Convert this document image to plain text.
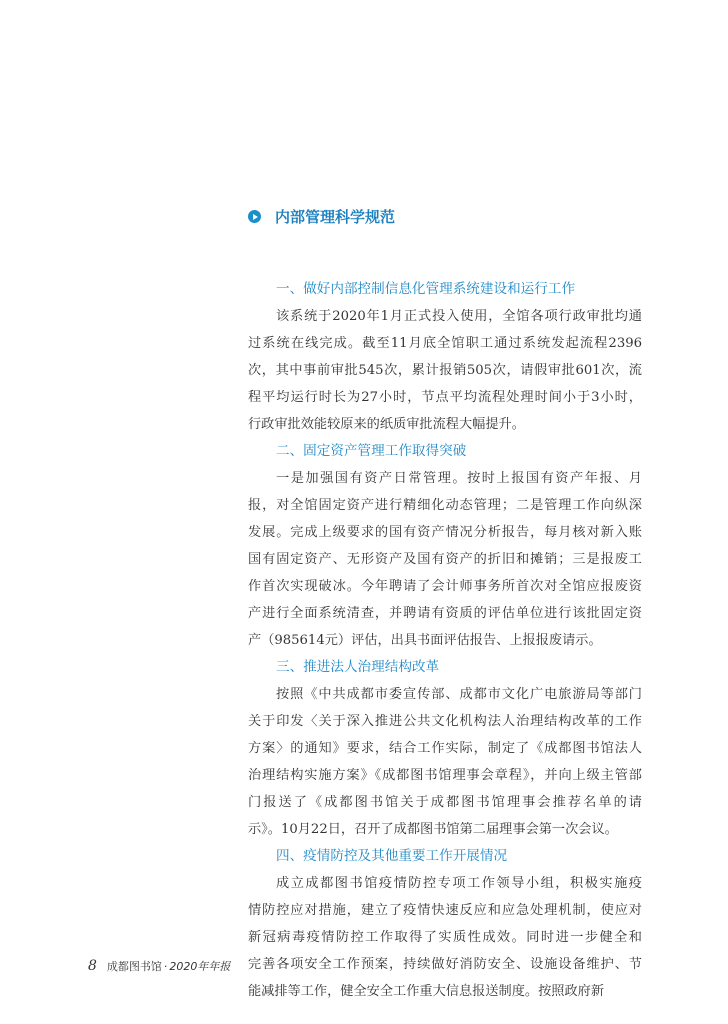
内部管理科学规范
一、做好内部控制信息化管理系统建设和运行工作
该系统于2020年1月正式投入使用，全馆各项行政审批均通
过系统在线完成。截至11月底全馆职工通过系统发起流程2396
次，其中事前审批545次，累计报销505次，请假审批601次，流
程平均运行时长为27小时，节点平均流程处理时间小于3小时，
行政审批效能较原来的纸质审批流程大幅提升。
二、固定资产管理工作取得突破
一是加强国有资产日常管理。按时上报国有资产年报、月
报，对全馆固定资产进行精细化动态管理；二是管理工作向纵深
发展。完成上级要求的国有资产情况分析报告，每月核对新入账
国有固定资产、无形资产及国有资产的折旧和摊销；三是报废工
作首次实现破冰。今年聘请了会计师事务所首次对全馆应报废资
产进行全面系统清查，并聘请有资质的评估单位进行该批固定资
产（985614元）评估，出具书面评估报告、上报报废请示。
三、推进法人治理结构改革
按照《中共成都市委宣传部、成都市文化广电旅游局等部门
关于印发〈关于深入推进公共文化机构法人治理结构改革的工作
方案〉的通知》要求，结合工作实际，制定了《成都图书馆法人
治理结构实施方案》《成都图书馆理事会章程》，并向上级主管部
门报送了《成都图书馆关于成都图书馆理事会推荐名单的请
示》。10月22日，召开了成都图书馆第二届理事会第一次会议。
四、疫情防控及其他重要工作开展情况
成立成都图书馆疫情防控专项工作领导小组，积极实施疫
情防控应对措施，建立了疫情快速反应和应急处理机制，使应对
新冠病毒疫情防控工作取得了实质性成效。同时进一步健全和
完善各项安全工作预案，持续做好消防安全、设施设备维护、节
能减排等工作，健全安全工作重大信息报送制度。按照政府新
8 成都图书馆 · 2020年年报
